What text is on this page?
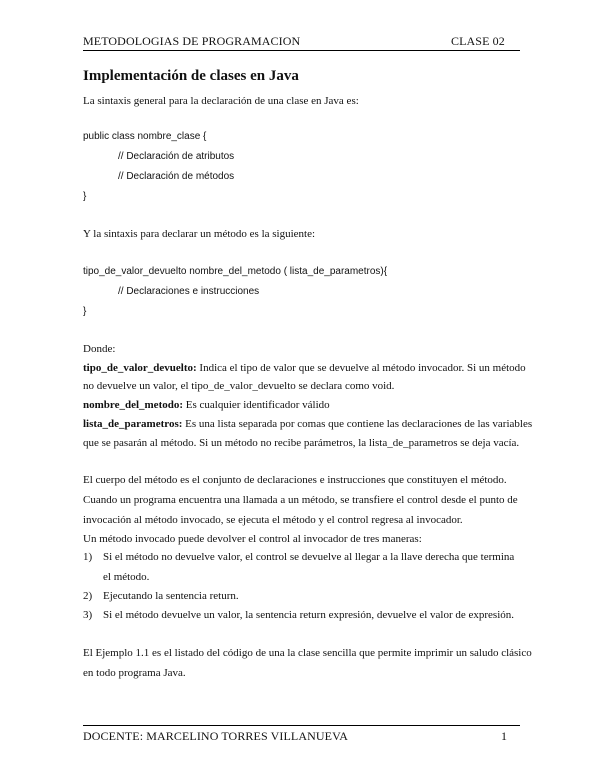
METODOLOGIAS DE PROGRAMACION	CLASE 02
Implementación de clases en Java
La sintaxis general para la declaración de una clase en Java es:
public class nombre_clase {
// Declaración de atributos
// Declaración de métodos
}
Y la sintaxis para declarar un método es la siguiente:
tipo_de_valor_devuelto nombre_del_metodo ( lista_de_parametros){
// Declaraciones e instrucciones
}
Donde:
tipo_de_valor_devuelto: Indica el tipo de valor que se devuelve al método invocador. Si un método
no devuelve un valor, el tipo_de_valor_devuelto se declara como void.
nombre_del_metodo: Es cualquier identificador válido
lista_de_parametros: Es una lista separada por comas que contiene las declaraciones de las variables
que se pasarán al método. Si un método no recibe parámetros, la lista_de_parametros se deja vacía.
El cuerpo del método es el conjunto de declaraciones e instrucciones que constituyen el método.
Cuando un programa encuentra una llamada a un método, se transfiere el control desde el punto de
invocación al método invocado, se ejecuta el método y el control regresa al invocador.
Un método invocado puede devolver el control al invocador de tres maneras:
1) Si el método no devuelve valor, el control se devuelve al llegar a la llave derecha que termina
el método.
2) Ejecutando la sentencia return.
3) Si el método devuelve un valor, la sentencia return expresión, devuelve el valor de expresión.
El Ejemplo 1.1 es el listado del código de una la clase sencilla que permite imprimir un saludo clásico
en todo programa Java.
DOCENTE: MARCELINO TORRES VILLANUEVA	1
